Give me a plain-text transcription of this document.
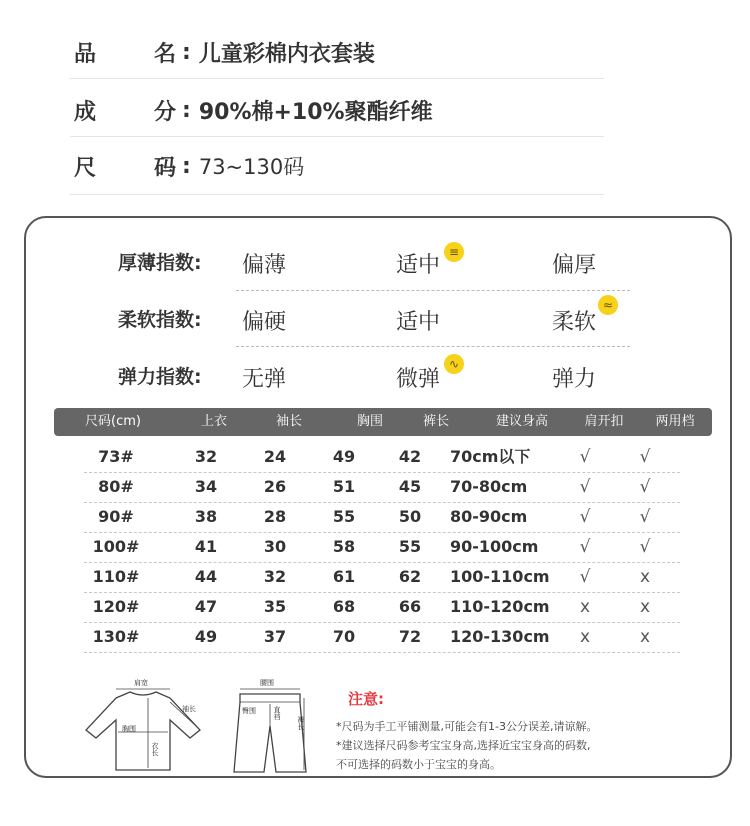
品	名 : 儿童彩棉内衣套装
成	分 : 90%棉+10%聚酯纤维
尺	码 : 73~130码
厚薄指数: 偏薄	适中	偏厚
≡
柔软指数: 偏硬	适中	柔软
≈
弹力指数: 无弹	微弹	弹力
∿
尺码(cm)	上衣	袖长	胸围	裤长	建议身高	肩开扣	两用档
73#	32	24	49	42	70cm以下	√	√
80#	34	26	51	45	70-80cm	√	√
90#	38	28	55	50	80-90cm	√	√
100#	41	30	58	55	90-100cm	√	√
110#	44	32	61	62	100-110cm	√	x
120#	47	35	68	66	110-120cm	x	x
130#	49	37	70	72	120-130cm	x	x
肩宽
袖长
胸围
衣长
腰围
臀围 直裆
裤长
注意:
*尺码为手工平铺测量,可能会有1-3公分误差,请谅解。
*建议选择尺码参考宝宝身高,选择近宝宝身高的码数,
不可选择的码数小于宝宝的身高。
